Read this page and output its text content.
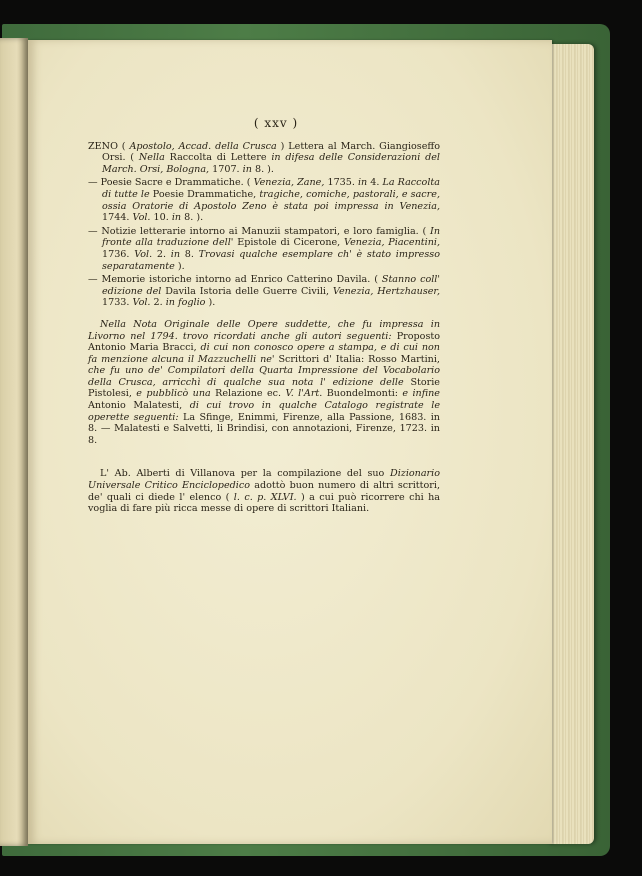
( xxv )
ZENO ( Apostolo, Accad. della Crusca ) Lettera al March. Giangioseffo Orsi. ( Nella Raccolta di Lettere in difesa delle Considerazioni del March. Orsi, Bologna, 1707. in 8. ).
— Poesie Sacre e Drammatiche. ( Venezia, Zane, 1735. in 4. La Raccolta di tutte le Poesie Drammatiche, tragiche, comiche, pastorali, e sacre, ossia Oratorie di Apostolo Zeno è stata poi impressa in Venezia, 1744. Vol. 10. in 8. ).
— Notizie letterarie intorno ai Manuzii stampatori, e loro famiglia. ( In fronte alla traduzione dell' Epistole di Cicerone, Venezia, Piacentini, 1736. Vol. 2. in 8. Trovasi qualche esemplare ch' è stato impresso separatamente ).
— Memorie istoriche intorno ad Enrico Catterino Davila. ( Stanno coll' edizione del Davila Istoria delle Guerre Civili, Venezia, Hertzhauser, 1733. Vol. 2. in foglio ).

Nella Nota Originale delle Opere suddette, che fu impressa in Livorno nel 1794. trovo ricordati anche gli autori seguenti: Proposto Antonio Maria Bracci, di cui non conosco opere a stampa, e di cui non fa menzione alcuna il Mazzuchelli ne' Scrittori d' Italia: Rosso Martini, che fu uno de' Compilatori della Quarta Impressione del Vocabolario della Crusca, arricchì di qualche sua nota l' edizione delle Storie Pistolesi, e pubblicò una Relazione ec. V. l'Art. Buondelmonti: e infine Antonio Malatesti, di cui trovo in qualche Catalogo registrate le operette seguenti: La Sfinge, Enimmi, Firenze, alla Passione, 1683. in 8. — Malatesti e Salvetti, li Brindisi, con annotazioni, Firenze, 1723. in 8.

L' Ab. Alberti di Villanova per la compilazione del suo Dizionario Universale Critico Enciclopedico adottò buon numero di altri scrittori, de' quali ci diede l' elenco ( l. c. p. XLVI. ) a cui può ricorrere chi ha voglia di fare più ricca messe di opere di scrittori Italiani.
